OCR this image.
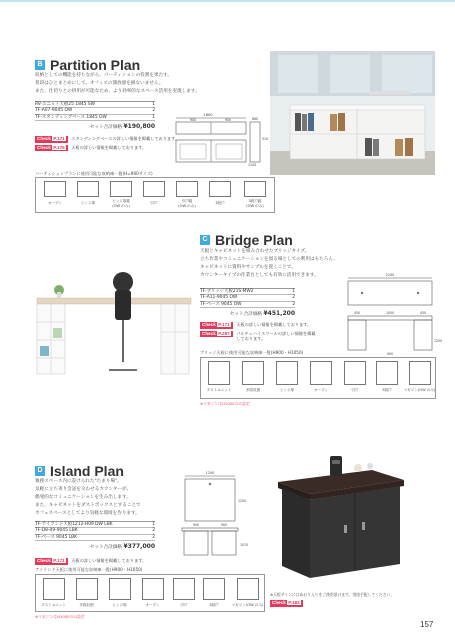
B Partition Plan
収納としての機能を持ちながら、パーティションの役割を果たす。
普段はひとまとめにして、オフィスの開放感を損ないません。
また、仕切りとの併用が可能なため、より効率的なスペース活用を実現します。
RV-ユニット天板25 1845 SW	1
TF-A07-9045 OW	2
TF-スタンディングベース 1845 OW	1
セット合計価格 ¥190,800
Check P.171	スタンディングベースの詳しい情報を掲載しております。
Check P.175	天板の詳しい情報を掲載しております。
1800
900	900	680
310
1140
バーティションプランに使用可能な収納庫一覧(H=900サイズ)
オープン	ヒンジ扉	ヒンジ扉錠
(OW のみ)
引戸	引戸錠
(OW のみ)
3段戸	3段戸錠
(OW のみ)
C Bridge Plan
天板とキャビネットを組み合わせたブリッジタイプ。
立ち作業やコミュニケーションを図る場としての利用はもちろん、
キャビネットに資料やサンプルを置くことで、
カウンタータイプの作業台としても有効に活用できます。
TF-ブリッジ天板21S MW2	1
TF-A11-9045 OW	2
TF-ベース 9045 OW	2
セット合計価格 ¥451,200
Check P.171	天板の詳しい情報を掲載しております。
Check P.287	パルチェハイスツールの詳しい情報を掲載
しております。
2100
450	1050	450
1200
900
ブリッジ天板に使用可能な収納庫一覧(H900・H1050)
ダストユニット	多段収納	ヒンジ扉	オープン	引戸	3段戸	マガジン(OW のみ)
※マガジンはH1050のみ設定
D Island Plan
執務スペース内に設けられた"たまり場"。
気軽に立ち寄り会話を交わせるカウンターが、
偶発的なコミュニケーションを生み出します。
また、キャビネットをダストボックスとすることで
カフェスペースとしてより気軽な環境を作ります。
TF-アイランド天板1212-H09 DW LBK	1
TF-D8-09-9045 LBK	2
TF-ベース 9045 LBK	2
セット合計価格 ¥377,000
Check P.171	天板の詳しい情報を掲載しております。
1200
1200
900	900
1070
※天板サインにはあおり入りをご使用頂けます。別途手配してください。
Check P.182
アイランド天板に使用可能な収納庫一覧(H900・H1050)
ダストユニット	多段収納	ヒンジ扉	オープン	引戸	3段戸	マガジン(OW のみ)
※マガジンはH1050のみ設定
157
